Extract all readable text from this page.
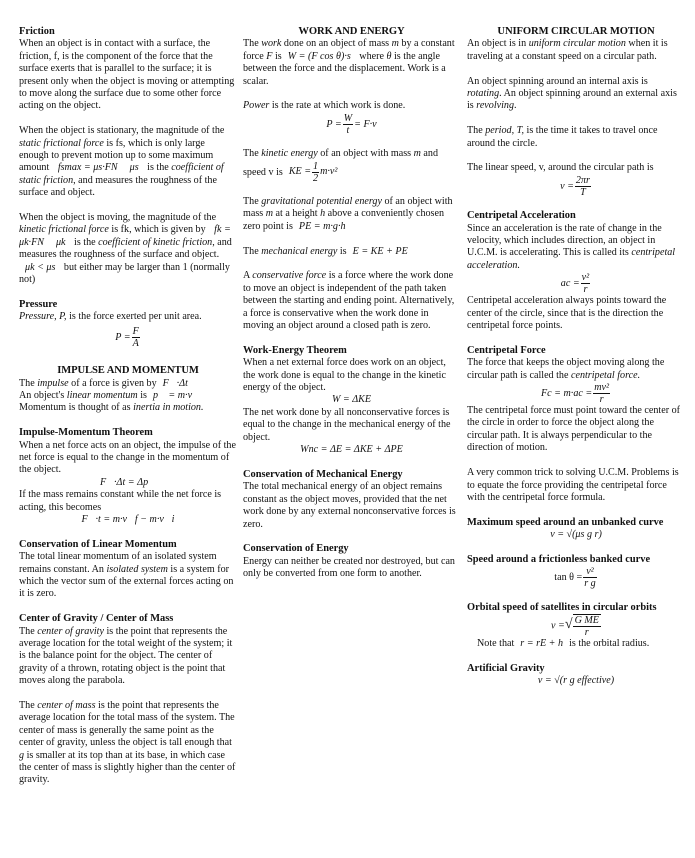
Friction
When an object is in contact with a surface, the friction, f, is the component of the force that the surface exerts that is parallel to the surface; it is present only when the object is moving or attempting to move along the surface due to some other force acting on the object.
When the object is stationary, the magnitude of the static frictional force is fs, which is only large enough to prevent motion up to some maximum amount fsmax = μs·FN μs is the coefficient of static friction, and measures the roughness of the surface and object.
When the object is moving, the magnitude of the kinetic frictional force is fk, which is given by fk = μk·FN μk is the coefficient of kinetic friction, and measures the roughness of the surface and object. μk < μs but either may be larger than 1 (normally not)
Pressure
Pressure, P, is the force exerted per unit area.
$P = \frac{F}{A}$
IMPULSE AND MOMENTUM
The impulse of a force is given by F⃗·Δt
An object's linear momentum is p⃗ = m·v⃗
Momentum is thought of as inertia in motion.
Impulse-Momentum Theorem
When a net force acts on an object, the impulse of the net force is equal to the change in the momentum of the object.
F⃗·Δt = Δp⃗
If the mass remains constant while the net force is acting, this becomes
F⃗·t = m·v⃗f − m·v⃗i
Conservation of Linear Momentum
The total linear momentum of an isolated system remains constant. An isolated system is a system for which the vector sum of the external forces acting on it is zero.
Center of Gravity / Center of Mass
The center of gravity is the point that represents the average location for the total weight of the system; it is the balance point for the object. The center of gravity of a thrown, rotating object is the point that moves along the parabola.
The center of mass is the point that represents the average location for the total mass of the system. The center of mass is generally the same point as the center of gravity, unless the object is tall enough that g is smaller at its top than at its base, in which case the center of mass is slightly higher than the center of gravity.
WORK AND ENERGY
The work done on an object of mass m by a constant force F is W = (F cos θ)·s where θ is the angle between the force and the displacement. Work is a scalar.
Power is the rate at which work is done.
$P = \frac{W}{t} = F\cdot v$
The kinetic energy of an object with mass m and speed v is KE = $\frac{1}{2} m\cdot v^2$
The gravitational potential energy of an object with mass m at a height h above a conveniently chosen zero point is PE = m·g·h
The mechanical energy is E = KE + PE
A conservative force is a force where the work done to move an object is independent of the path taken between the starting and ending point. Alternatively, a force is conservative when the work done in moving an object around a closed path is zero.
Work-Energy Theorem
When a net external force does work on an object, the work done is equal to the change in the kinetic energy of the object.
W = ΔKE
The net work done by all nonconservative forces is equal to the change in the mechanical energy of the object.
Wnc = ΔE = ΔKE + ΔPE
Conservation of Mechanical Energy
The total mechanical energy of an object remains constant as the object moves, provided that the net work done by any external nonconservative forces is zero.
Conservation of Energy
Energy can neither be created nor destroyed, but can only be converted from one form to another.
UNIFORM CIRCULAR MOTION
An object is in uniform circular motion when it is traveling at a constant speed on a circular path.
An object spinning around an internal axis is rotating. An object spinning around an external axis is revolving.
The period, T, is the time it takes to travel once around the circle.
The linear speed, v, around the circular path is
$v = \frac{2\pi r}{T}$
Centripetal Acceleration
Since an acceleration is the rate of change in the velocity, which includes direction, an object in U.C.M. is accelerating. This is called its centripetal acceleration.
ac = $\frac{\text{v²}}{r}$
Centripetal acceleration always points toward the center of the circle, since that is the direction the centripetal force points.
Centripetal Force
The force that keeps the object moving along the circular path is called the centripetal force.
$Fc = m\cdot ac = \frac{\text{mv²}}{r}$
The centripetal force must point toward the center of the circle in order to force the object along the circular path. It is always perpendicular to the direction of motion.
A very common trick to solving U.C.M. Problems is to equate the force providing the centripetal force with the centripetal force formula.
Maximum speed around an unbanked curve
v = √(μs g r)
Speed around a frictionless banked curve
$\tan \theta = \frac{\text{v²}}{\text{r g}}$
Orbital speed of satellites in circular orbits
v = √ $\frac{\text{G ME}}{r}$
Note that r = rE + h is the orbital radius.
Artificial Gravity
v = √(r g effective)
